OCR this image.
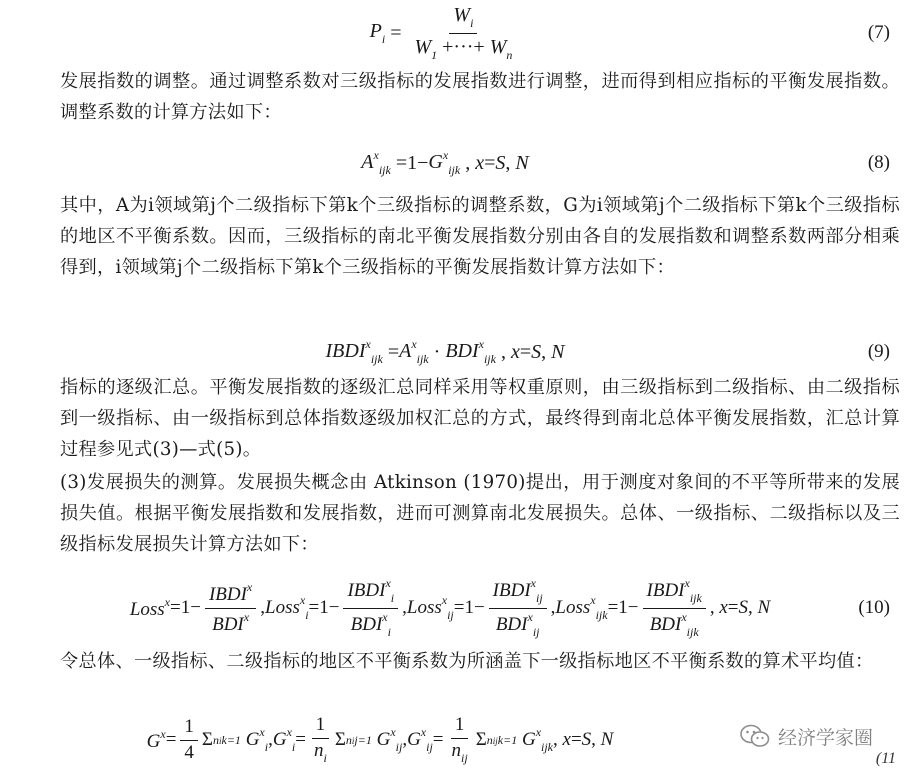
$P_i = \frac{W_i}{W_1 +\cdot\cdot\cdot+ W_n}$	(7)

发展指数的调整。通过调整系数对三级指标的发展指数进行调整，进而得到相应指标的平衡发展指数。调整系数的计算方法如下：

$A^x_{ijk} =1- G^x_{ijk}$ , x = S , N	(8)

其中，A为i领域第j个二级指标下第k个三级指标的调整系数，G为i领域第j个二级指标下第k个三级指标的地区不平衡系数。因而，三级指标的南北平衡发展指数分别由各自的发展指数和调整系数两部分相乘得到，i领域第j个二级指标下第k个三级指标的平衡发展指数计算方法如下：

$IBDI^x_{ijk} = A^x_{ijk} \cdot BDI^x_{ijk}$ , x = S , N	(9)

指标的逐级汇总。平衡发展指数的逐级汇总同样采用等权重原则，由三级指标到二级指标、由二级指标到一级指标、由一级指标到总体指数逐级加权汇总的方式，最终得到南北总体平衡发展指数，汇总计算过程参见式(3)—式(5)。

(3)发展损失的测算。发展损失概念由 Atkinson (1970)提出，用于测度对象间的不平等所带来的发展损失值。根据平衡发展指数和发展指数，进而可测算南北发展损失。总体、一级指标、二级指标以及三级指标发展损失计算方法如下：

Loss$^x$ $=1- \frac{IBDI^x}{BDI^x}$ , Loss$^x_i$ $=1- \frac{IBDI^x_i}{BDI^x_i}$ , Loss$^x_{ij}$ $=1- \frac{IBDI^x_{ij}}{BDI^x_{ij}}$ , Loss$^x_{ijk}$ $=1- \frac{IBDI^x_{ijk}}{BDI^x_{ijk}}$ , x = S , N	(10)

令总体、一级指标、二级指标的地区不平衡系数为所涵盖下一级指标地区不平衡系数的算术平均值：

$G^x = \frac{1}{4}$ Σ ni k=1
$G^x_i$ , $G^x_i = \frac{1}{n_i}$ Σ ni j=1
$G^x_{ij}$ , $G^x_{ij} = \frac{1}{n_{ij}}$ Σ nij k=1
$G^x_{ijk}$ , x = S , N
(11
经济学家圈
